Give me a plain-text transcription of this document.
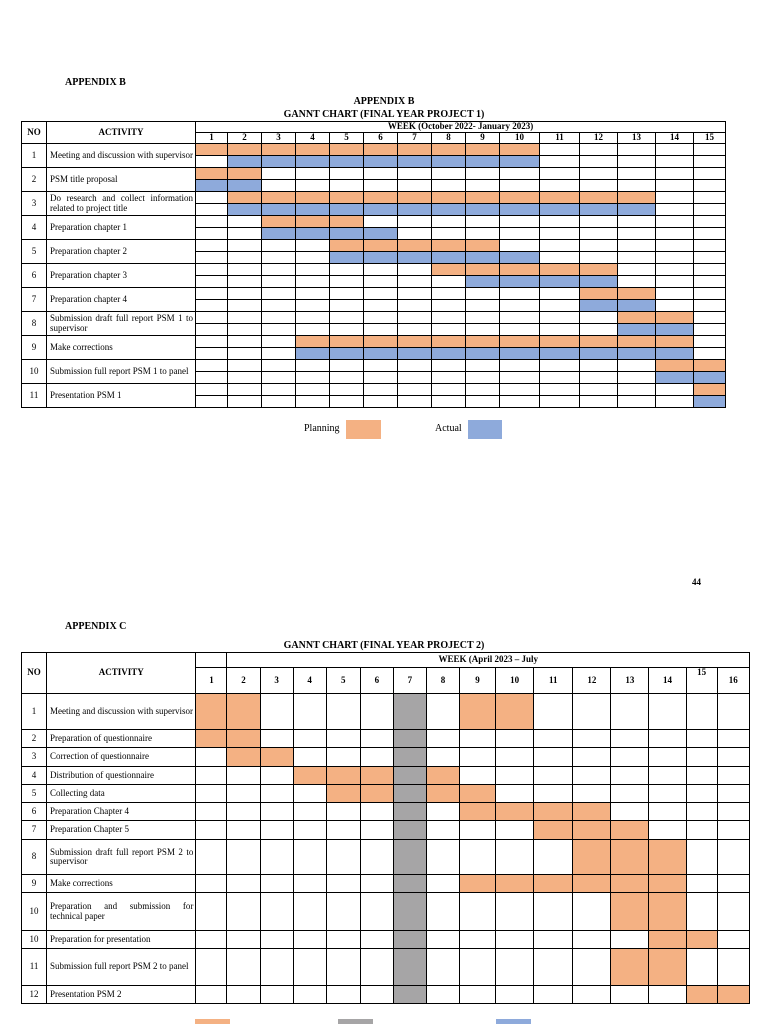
APPENDIX B
APPENDIX B
GANNT CHART (FINAL YEAR PROJECT 1)
NO	ACTIVITY	WEEK (October 2022- January 2023)														
		1	2	3	4	5	6	7	8	9	10	11	12	13	14	15
1	Meeting and discussion with supervisor															

2	PSM title proposal															

3	Do research and collect information related to project title															

4	Preparation chapter 1															

5	Preparation chapter 2															

6	Preparation chapter 3															

7	Preparation chapter 4															

8	Submission draft full report PSM 1 to supervisor															

9	Make corrections															

10	Submission full report PSM 1 to panel															

11	Presentation PSM 1															

Planning	Actual
44
APPENDIX C
GANNT CHART (FINAL YEAR PROJECT 2)
NO	ACTIVITY		WEEK (April 2023 – July														
		1	2	3	4	5	6	7	8	9	10	11	12	13	14	15	16
1	Meeting and discussion with supervisor																
2	Preparation of questionnaire																
3	Correction of questionnaire																
4	Distribution of questionnaire																
5	Collecting data																
6	Preparation Chapter 4																
7	Preparation Chapter 5																
8	Submission draft full report PSM 2 to supervisor																
9	Make corrections																
10	Preparation and submission for technical paper																
10	Preparation for presentation																
11	Submission full report PSM 2 to panel																
12	Presentation PSM 2																
